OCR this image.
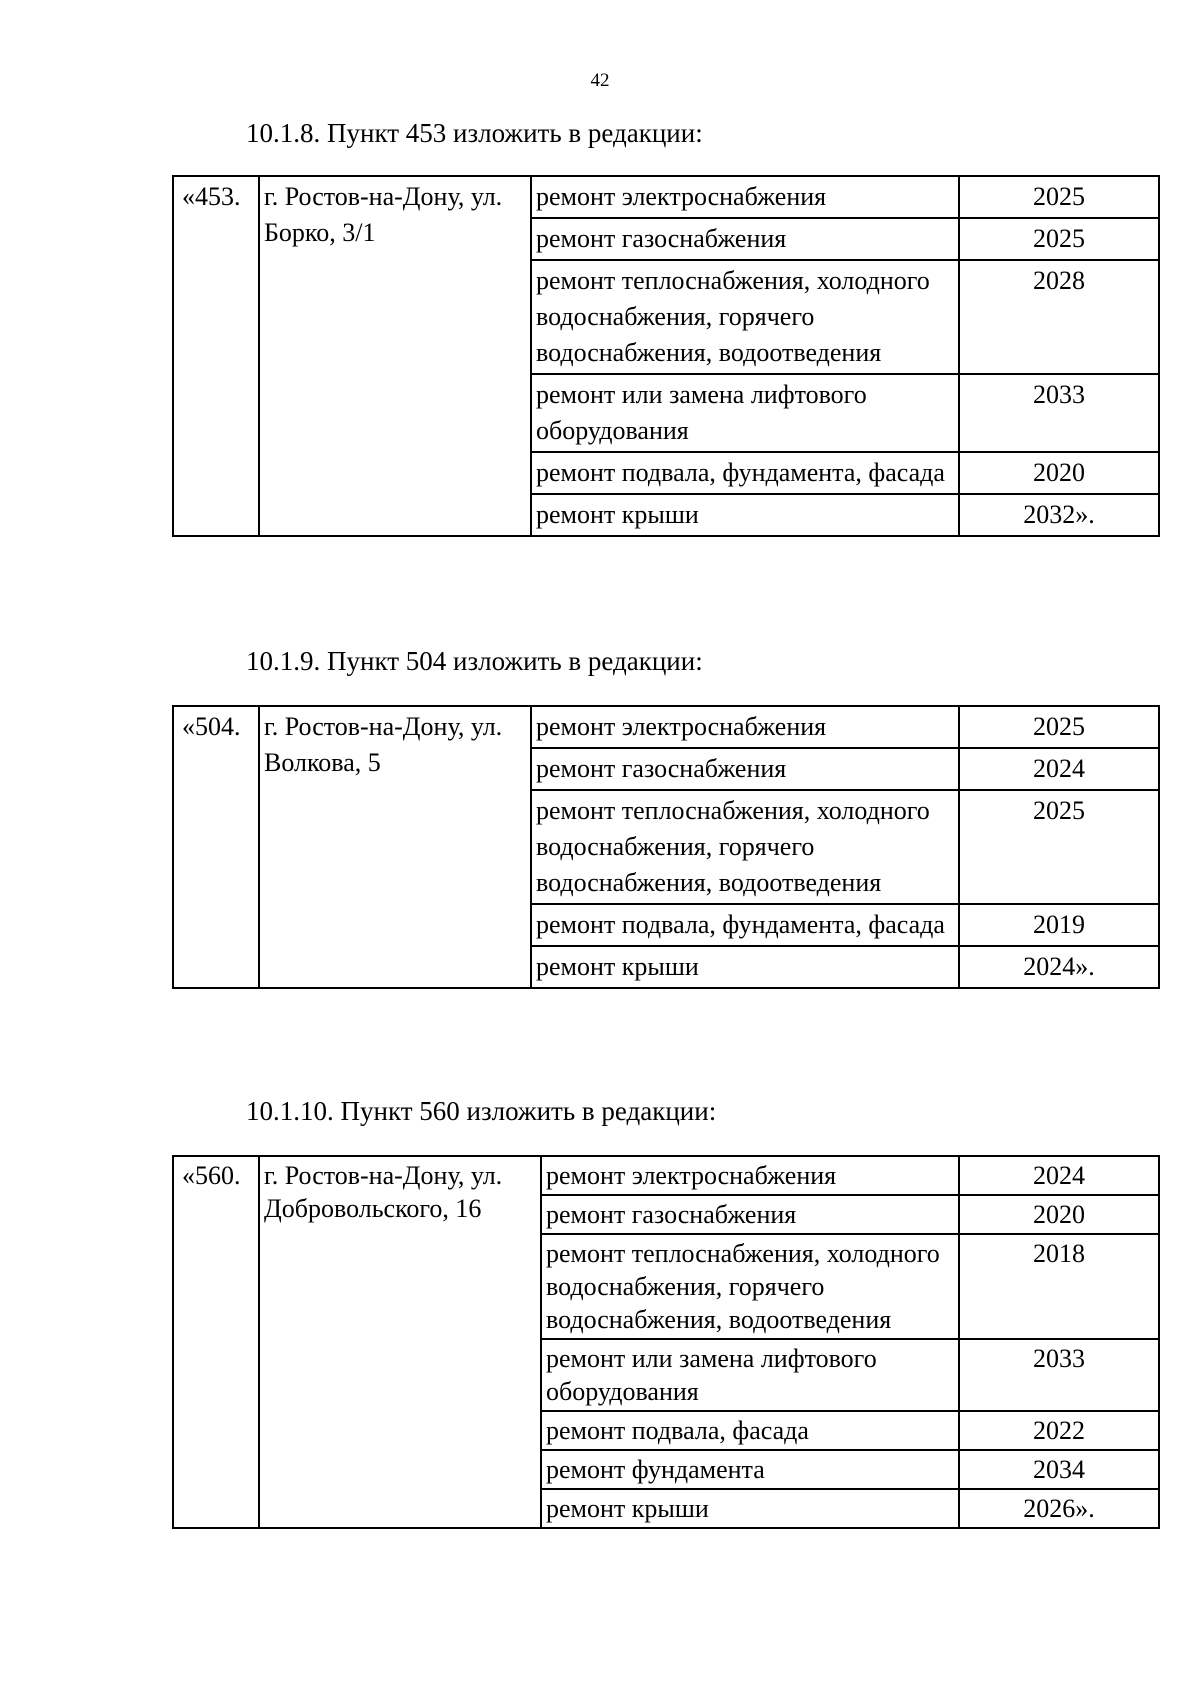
42
10.1.8. Пункт 453 изложить в редакции:
«453.	г. Ростов-на-Дону, ул. Борко, 3/1	ремонт электроснабжения	2025
		ремонт газоснабжения	2025
		ремонт теплоснабжения, холодного водоснабжения, горячего водоснабжения, водоотведения	2028
		ремонт или замена лифтового оборудования	2033
		ремонт подвала, фундамента, фасада	2020
		ремонт крыши	2032».
10.1.9. Пункт 504 изложить в редакции:
«504.	г. Ростов-на-Дону, ул. Волкова, 5	ремонт электроснабжения	2025
		ремонт газоснабжения	2024
		ремонт теплоснабжения, холодного водоснабжения, горячего водоснабжения, водоотведения	2025
		ремонт подвала, фундамента, фасада	2019
		ремонт крыши	2024».
10.1.10. Пункт 560 изложить в редакции:
«560.	г. Ростов-на-Дону, ул. Добровольского, 16	ремонт электроснабжения	2024
		ремонт газоснабжения	2020
		ремонт теплоснабжения, холодного водоснабжения, горячего водоснабжения, водоотведения	2018
		ремонт или замена лифтового оборудования	2033
		ремонт подвала, фасада	2022
		ремонт фундамента	2034
		ремонт крыши	2026».
